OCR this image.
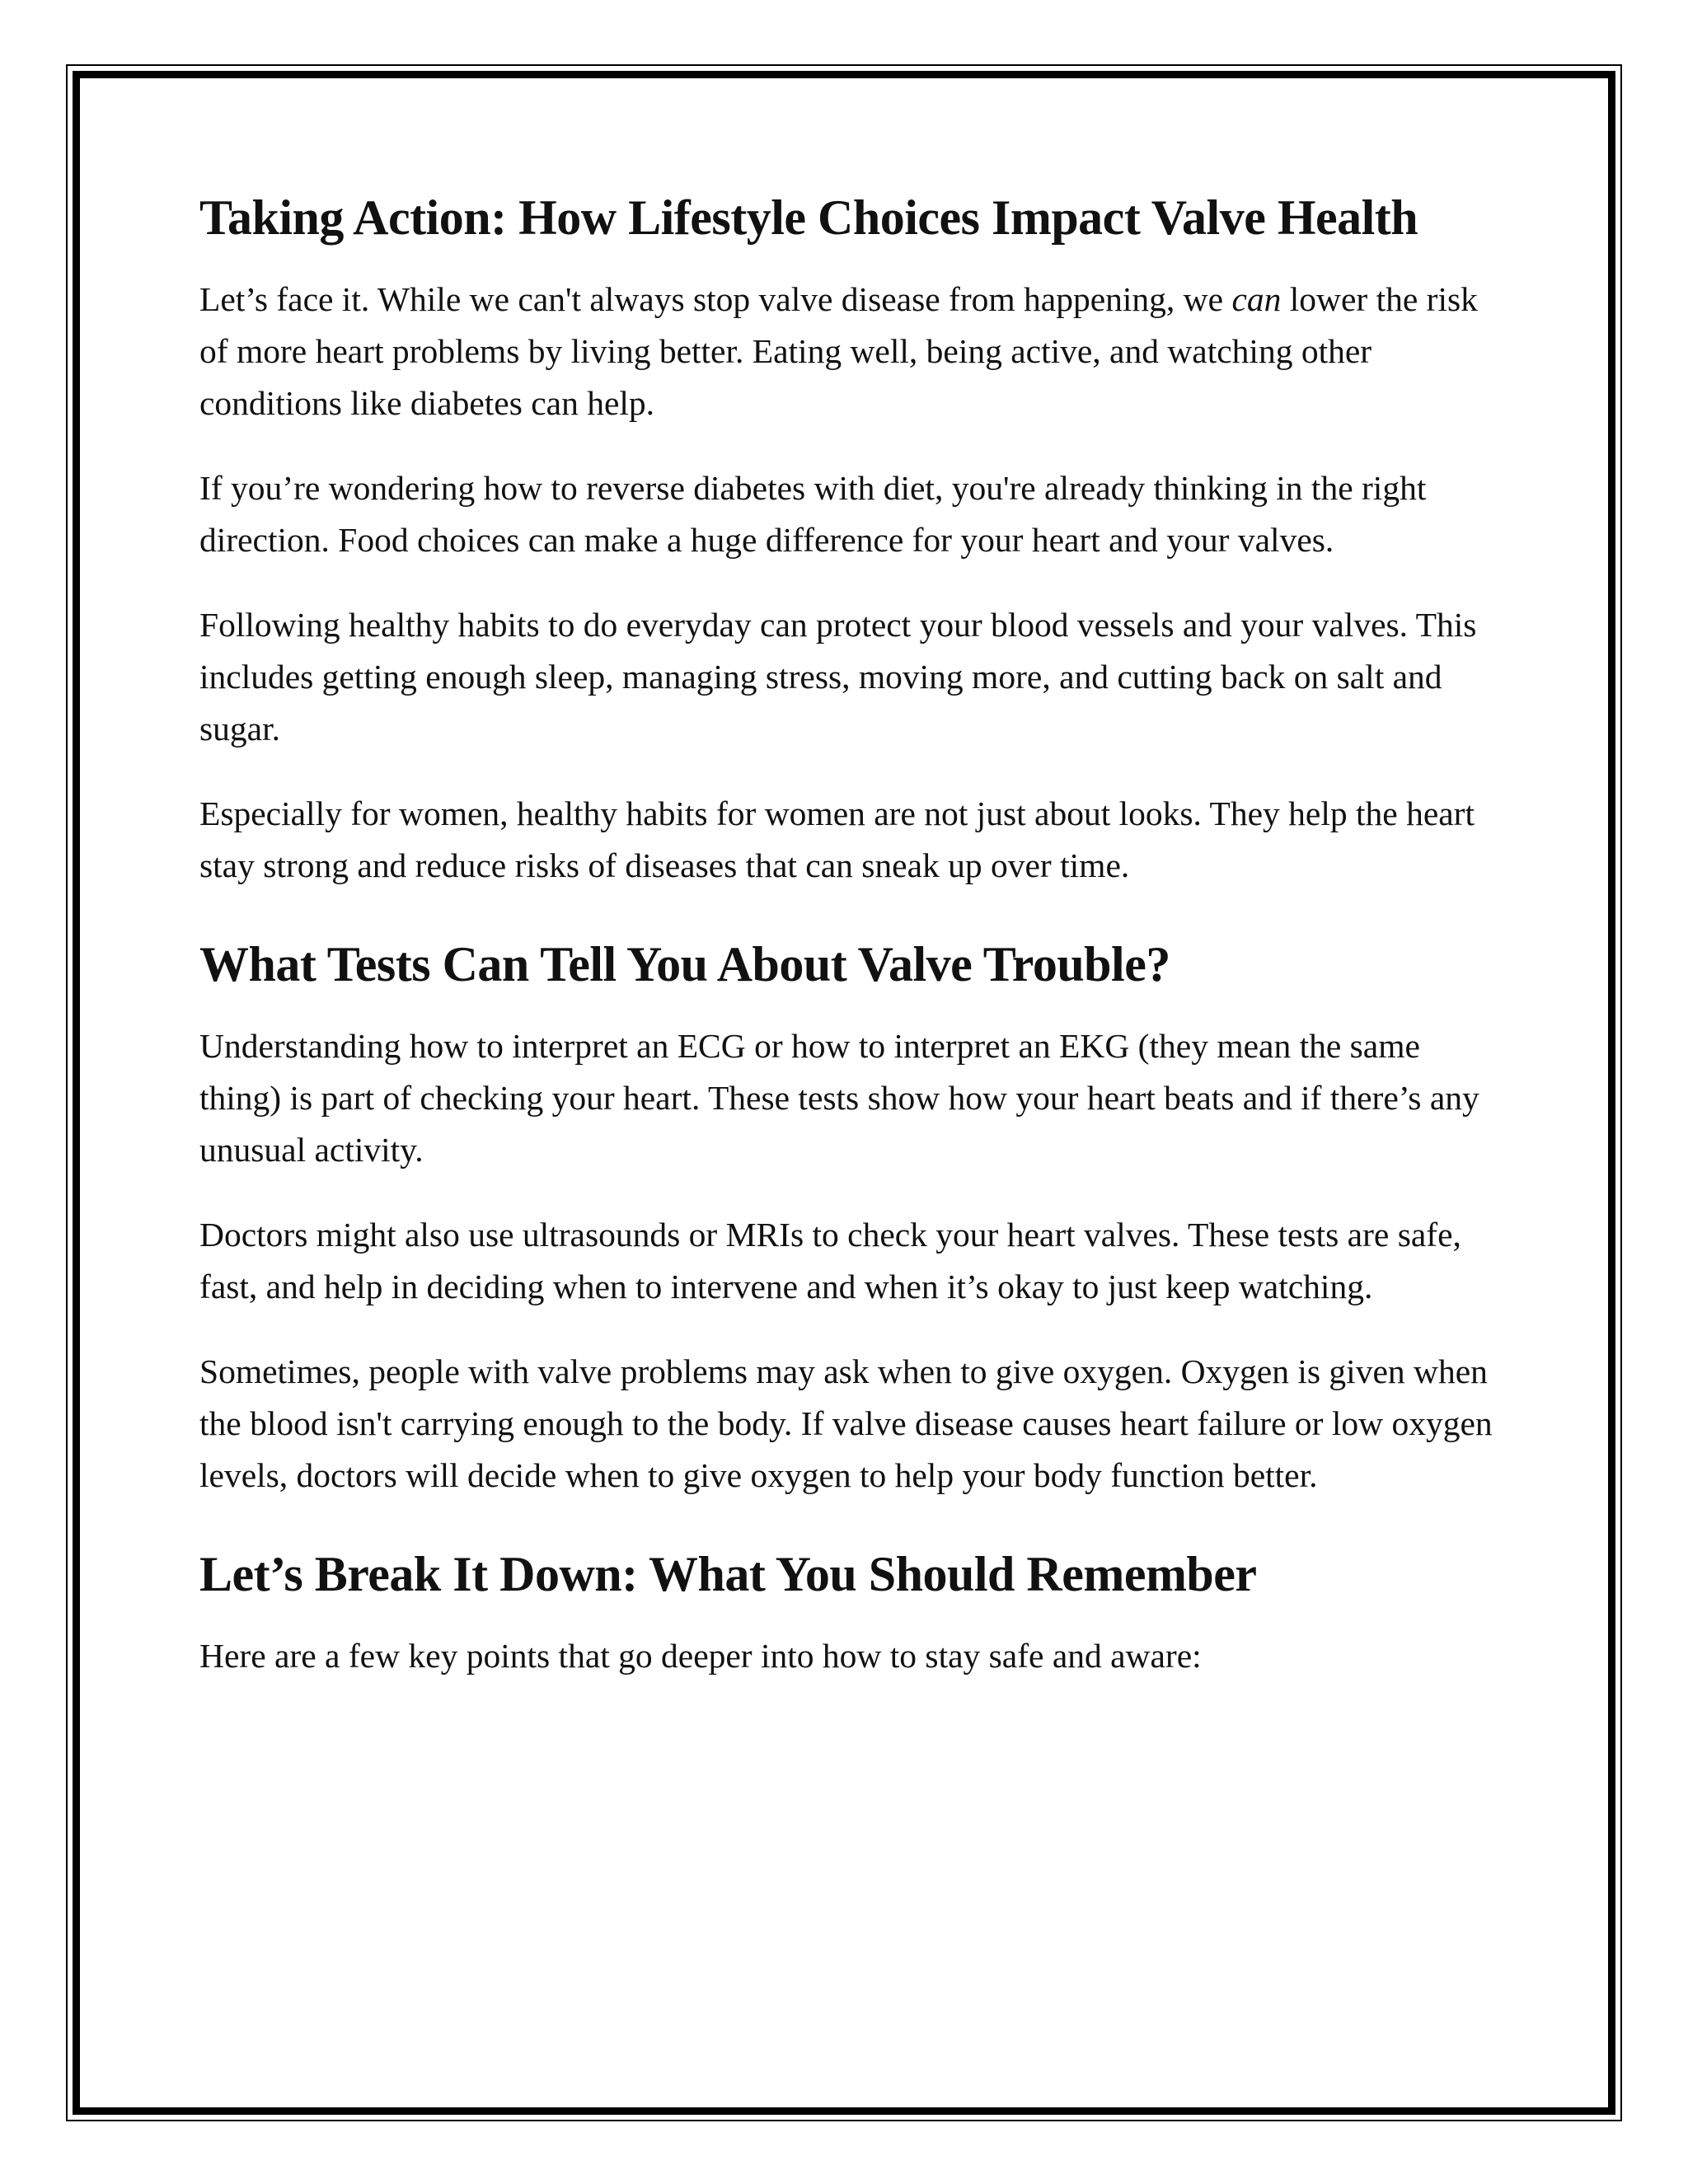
Taking Action: How Lifestyle Choices Impact Valve Health

Let’s face it. While we can't always stop valve disease from happening, we can lower the risk of more heart problems by living better. Eating well, being active, and watching other conditions like diabetes can help.

If you’re wondering how to reverse diabetes with diet, you're already thinking in the right direction. Food choices can make a huge difference for your heart and your valves.

Following healthy habits to do everyday can protect your blood vessels and your valves. This includes getting enough sleep, managing stress, moving more, and cutting back on salt and sugar.

Especially for women, healthy habits for women are not just about looks. They help the heart stay strong and reduce risks of diseases that can sneak up over time.

What Tests Can Tell You About Valve Trouble?

Understanding how to interpret an ECG or how to interpret an EKG (they mean the same thing) is part of checking your heart. These tests show how your heart beats and if there’s any unusual activity.

Doctors might also use ultrasounds or MRIs to check your heart valves. These tests are safe, fast, and help in deciding when to intervene and when it’s okay to just keep watching.

Sometimes, people with valve problems may ask when to give oxygen. Oxygen is given when the blood isn't carrying enough to the body. If valve disease causes heart failure or low oxygen levels, doctors will decide when to give oxygen to help your body function better.

Let’s Break It Down: What You Should Remember

Here are a few key points that go deeper into how to stay safe and aware:
